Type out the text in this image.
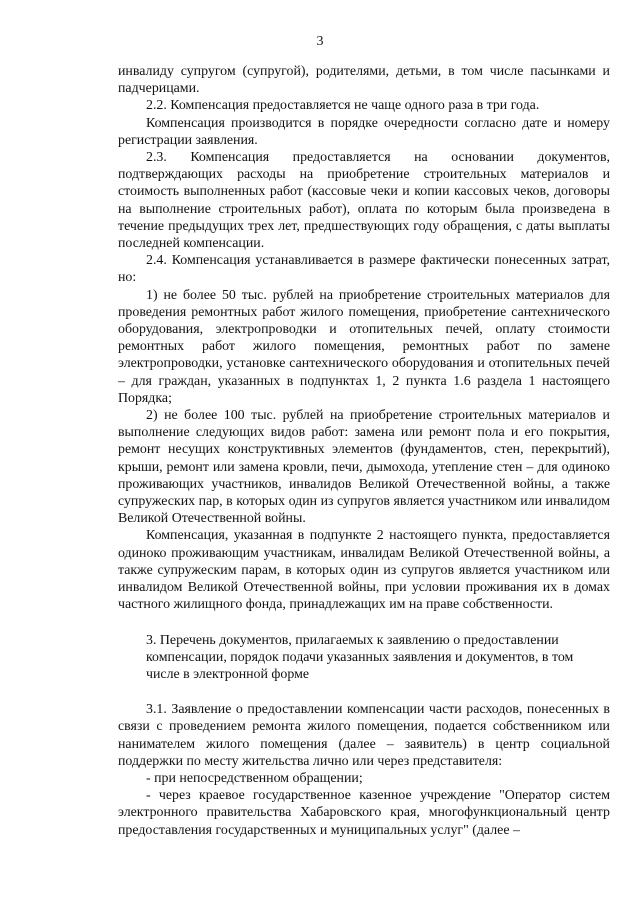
3

инвалиду супругом (супругой), родителями, детьми, в том числе пасынками и падчерицами.

2.2. Компенсация предоставляется не чаще одного раза в три года.

Компенсация производится в порядке очередности согласно дате и номеру регистрации заявления.

2.3. Компенсация предоставляется на основании документов, подтверждающих расходы на приобретение строительных материалов и стоимость выполненных работ (кассовые чеки и копии кассовых чеков, договоры на выполнение строительных работ), оплата по которым была произведена в течение предыдущих трех лет, предшествующих году обращения, с даты выплаты последней компенсации.

2.4. Компенсация устанавливается в размере фактически понесенных затрат, но:

1) не более 50 тыс. рублей на приобретение строительных материалов для проведения ремонтных работ жилого помещения, приобретение сантехнического оборудования, электропроводки и отопительных печей, оплату стоимости ремонтных работ жилого помещения, ремонтных работ по замене электропроводки, установке сантехнического оборудования и отопительных печей – для граждан, указанных в подпунктах 1, 2 пункта 1.6 раздела 1 настоящего Порядка;

2) не более 100 тыс. рублей на приобретение строительных материалов и выполнение следующих видов работ: замена или ремонт пола и его покрытия, ремонт несущих конструктивных элементов (фундаментов, стен, перекрытий), крыши, ремонт или замена кровли, печи, дымохода, утепление стен – для одиноко проживающих участников, инвалидов Великой Отечественной войны, а также супружеских пар, в которых один из супругов является участником или инвалидом Великой Отечественной войны.

Компенсация, указанная в подпункте 2 настоящего пункта, предоставляется одиноко проживающим участникам, инвалидам Великой Отечественной войны, а также супружеским парам, в которых один из супругов является участником или инвалидом Великой Отечественной войны, при условии проживания их в домах частного жилищного фонда, принадлежащих им на праве собственности.

3. Перечень документов, прилагаемых к заявлению о предоставлении компенсации, порядок подачи указанных заявления и документов, в том числе в электронной форме

3.1. Заявление о предоставлении компенсации части расходов, понесенных в связи с проведением ремонта жилого помещения, подается собственником или нанимателем жилого помещения (далее – заявитель) в центр социальной поддержки по месту жительства лично или через представителя:

- при непосредственном обращении;

- через краевое государственное казенное учреждение "Оператор систем электронного правительства Хабаровского края, многофункциональный центр предоставления государственных и муниципальных услуг" (далее –
